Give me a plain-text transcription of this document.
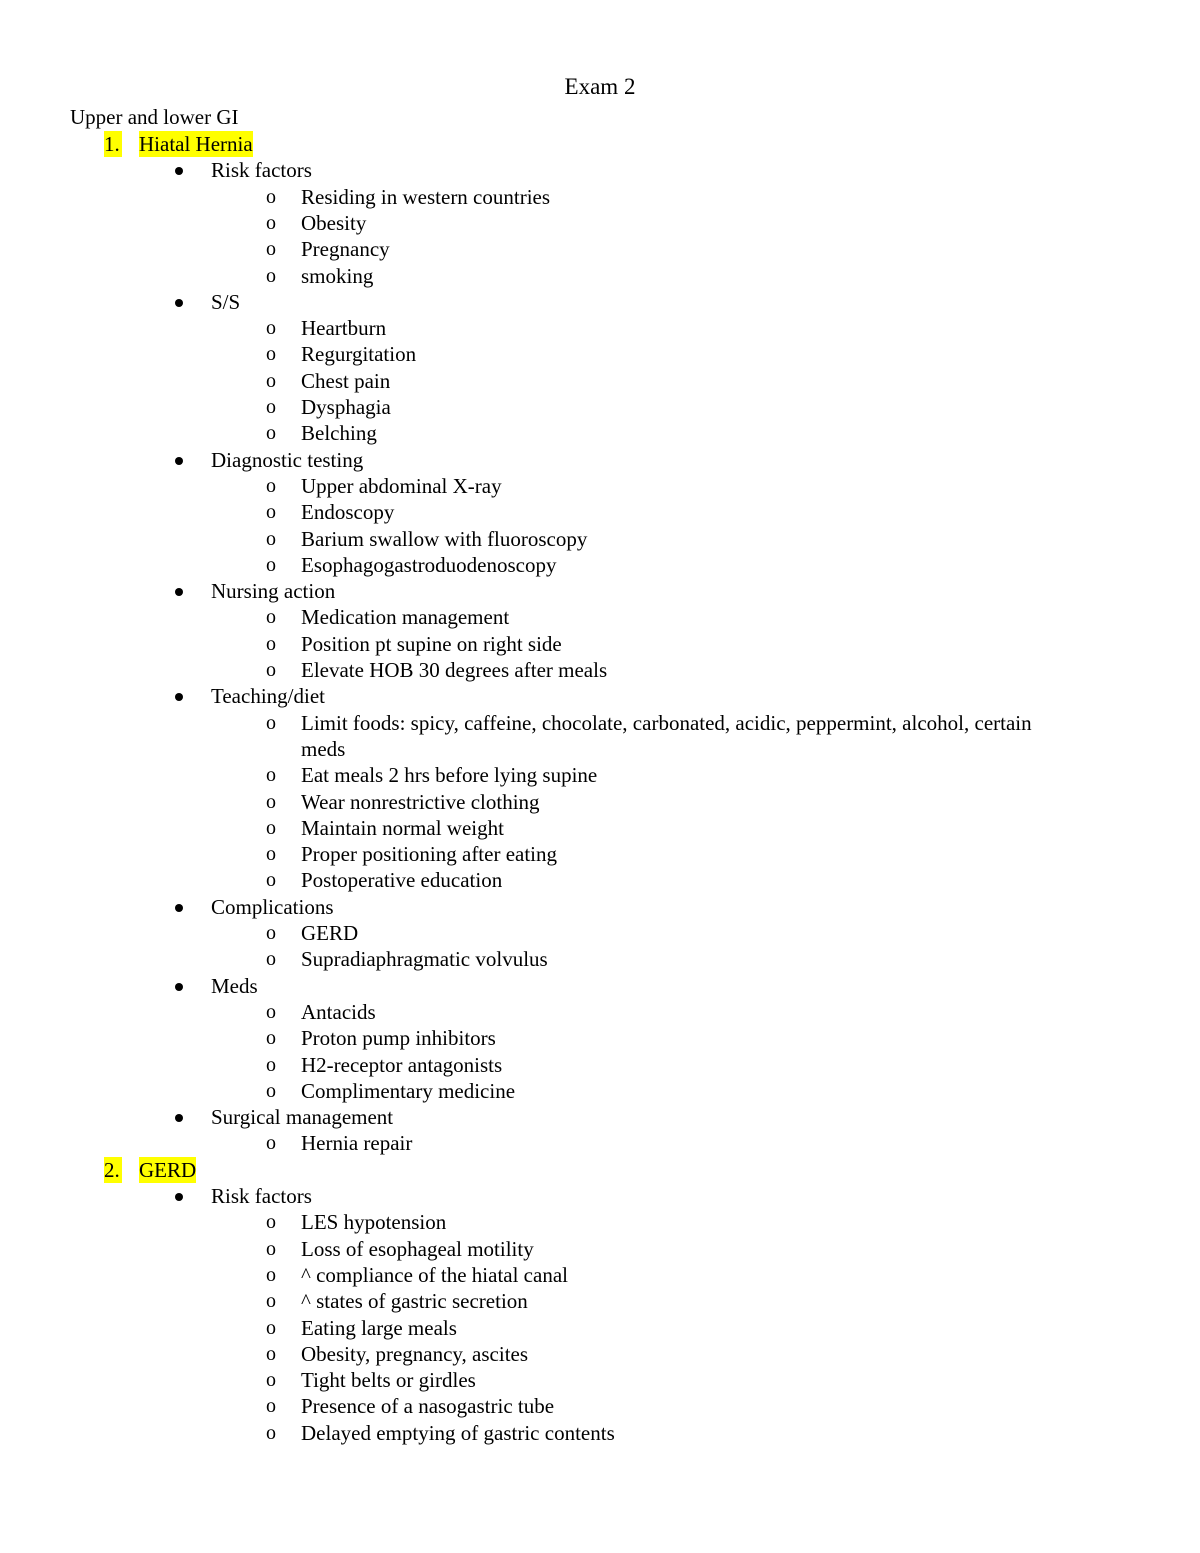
Exam 2
Upper and lower GI
1. Hiatal Hernia
Risk factors
o Residing in western countries
o Obesity
o Pregnancy
o smoking
S/S
o Heartburn
o Regurgitation
o Chest pain
o Dysphagia
o Belching
Diagnostic testing
o Upper abdominal X-ray
o Endoscopy
o Barium swallow with fluoroscopy
o Esophagogastroduodenoscopy
Nursing action
o Medication management
o Position pt supine on right side
o Elevate HOB 30 degrees after meals
Teaching/diet
o Limit foods: spicy, caffeine, chocolate, carbonated, acidic, peppermint, alcohol, certain
meds
o Eat meals 2 hrs before lying supine
o Wear nonrestrictive clothing
o Maintain normal weight
o Proper positioning after eating
o Postoperative education
Complications
o GERD
o Supradiaphragmatic volvulus
Meds
o Antacids
o Proton pump inhibitors
o H2-receptor antagonists
o Complimentary medicine
Surgical management
o Hernia repair
2. GERD
Risk factors
o LES hypotension
o Loss of esophageal motility
o ^ compliance of the hiatal canal
o ^ states of gastric secretion
o Eating large meals
o Obesity, pregnancy, ascites
o Tight belts or girdles
o Presence of a nasogastric tube
o Delayed emptying of gastric contents
